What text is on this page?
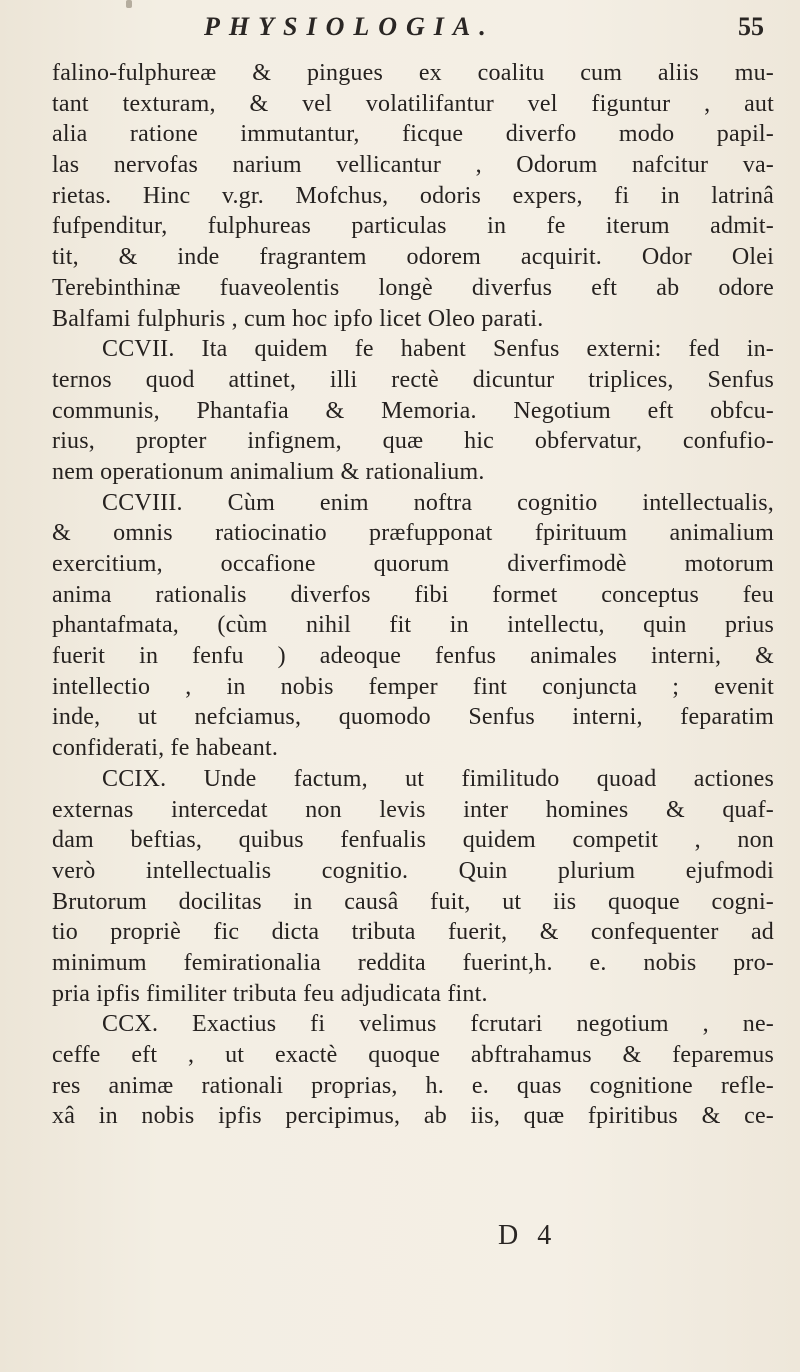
PHYSIOLOGIA.	55
falino-fulphureæ & pingues ex coalitu cum aliis mu-
tant texturam, & vel volatilifantur vel figuntur , aut
alia ratione immutantur, ficque diverfo modo papil-
las nervofas narium vellicantur , Odorum nafcitur va-
rietas. Hinc v.gr. Mofchus, odoris expers, fi in latrinâ
fufpenditur, fulphureas particulas in fe iterum admit-
tit, & inde fragrantem odorem acquirit. Odor Olei
Terebinthinæ fuaveolentis longè diverfus eft ab odore
Balfami fulphuris , cum hoc ipfo licet Oleo parati.
CCVII. Ita quidem fe habent Senfus externi: fed in-
ternos quod attinet, illi rectè dicuntur triplices, Senfus
communis, Phantafia & Memoria. Negotium eft obfcu-
rius, propter infignem, quæ hic obfervatur, confufio-
nem operationum animalium & rationalium.
CCVIII. Cùm enim noftra cognitio intellectualis,
& omnis ratiocinatio præfupponat fpirituum animalium
exercitium, occafione quorum diverfimodè motorum
anima rationalis diverfos fibi formet conceptus feu
phantafmata, (cùm nihil fit in intellectu, quin prius
fuerit in fenfu ) adeoque fenfus animales interni, &
intellectio , in nobis femper fint conjuncta ; evenit
inde, ut nefciamus, quomodo Senfus interni, feparatim
confiderati, fe habeant.
CCIX. Unde factum, ut fimilitudo quoad actiones
externas intercedat non levis inter homines & quaf-
dam beftias, quibus fenfualis quidem competit , non
verò intellectualis cognitio. Quin plurium ejufmodi
Brutorum docilitas in causâ fuit, ut iis quoque cogni-
tio propriè fic dicta tributa fuerit, & confequenter ad
minimum femirationalia reddita fuerint,h. e. nobis pro-
pria ipfis fimiliter tributa feu adjudicata fint.
CCX. Exactius fi velimus fcrutari negotium , ne-
ceffe eft , ut exactè quoque abftrahamus & feparemus
res animæ rationali proprias, h. e. quas cognitione refle-
xâ in nobis ipfis percipimus, ab iis, quæ fpiritibus & ce-
D 4
